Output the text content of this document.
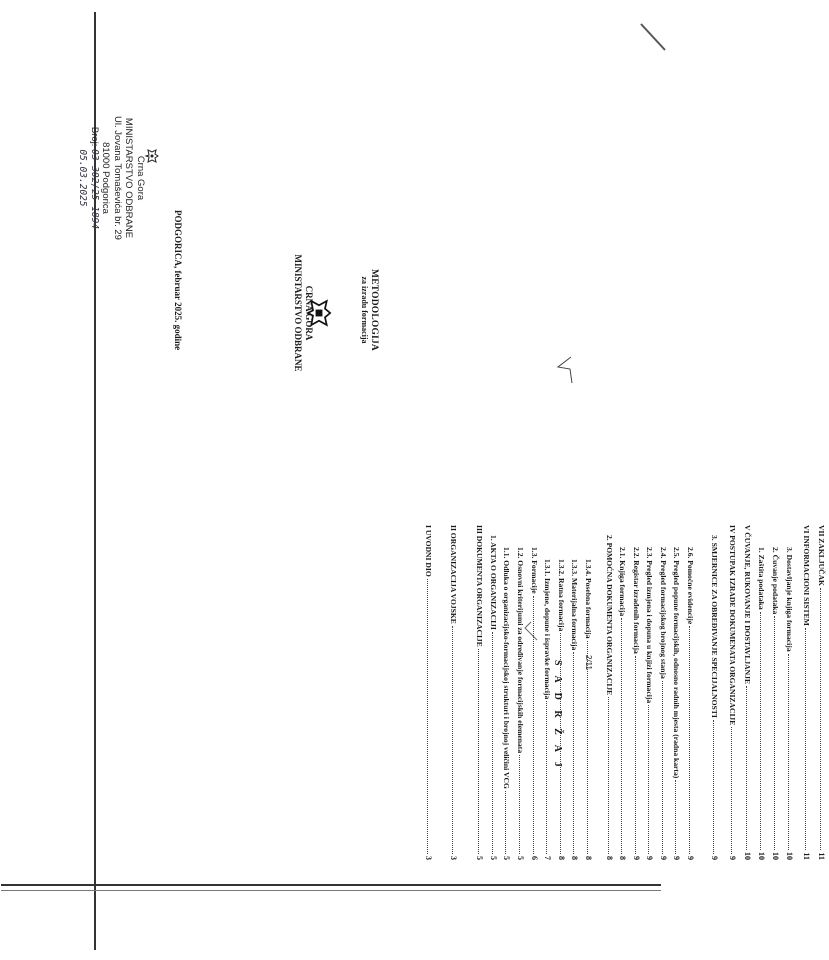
Crna Gora
MINISTARSTVO ODBRANE
Ul. Jovana Tomaševića br. 29
81000 Podgorica
Broj: 03-302/25-1894
05.03.2025
CRNA GORA
MINISTARSTVO ODBRANE	METODOLOGIJA
za izradu formacija
PODGORICA, februar 2025. godine
S A D R Ž A J	2/11
I UVODNI DIO
3
II ORGANIZACIJA VOJSKE
3
III DOKUMENTA ORGANIZACIJE
5
1. AKTA O ORGANIZACIJI
5
1.1. Odluka o organizacijsko-formacijskoj strukturi i brojnoj veličini VCG
5
1.2. Osnovni kriterijumi za određivanje formacijskih elemenata
5
1.3. Formacije
6
1.3.1. Izmjene, dopune i ispravke formacija
7
1.3.2. Ratna formacija
8
1.3.3. Materijalna formacija
8
1.3.4. Posebna formacija
8
2. POMOĆNA DOKUMENTA ORGANIZACIJE
8
2.1. Knjiga formacija
8
2.2. Registar izrađenih formacija
9
2.3. Pregled izmjena i dopuna u knjizi formacija
9
2.4. Pregled formacijskog brojnog stanja
9
2.5. Pregled popune formacijskih, odnosno radnih mjesta (radna karta)
9
2.6. Pomoćne evidencije
9
3. SMJERNICE ZA OBREĐIVANJE SPECIJALNOSTI
9
IV POSTUPAK IZRADE DOKUMENATA ORGANIZACIJE
9
V ČUVANJE, RUKOVANJE I DOSTAVLJANJE
10
1. Zaštita podataka
10
2. Čuvanje podataka
10
3. Dostavljanje knjiga formacija
10
VI INFORMACIONI SISTEM
11
VII ZAKLJUČAK
11
